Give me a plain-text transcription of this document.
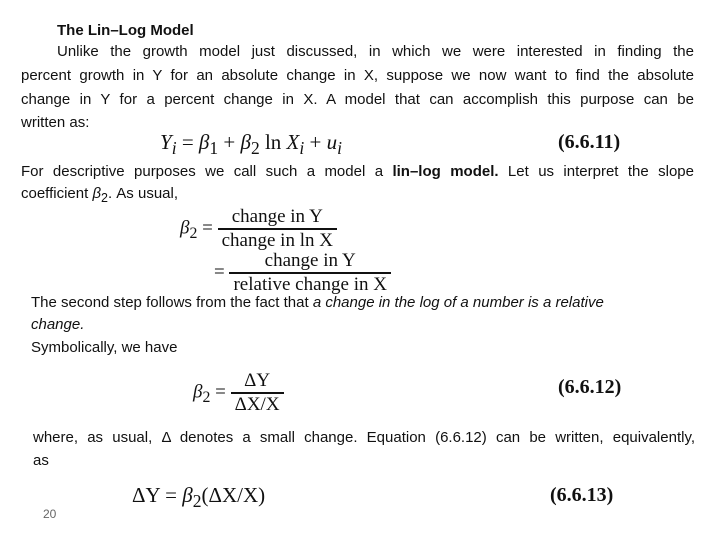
The Lin–Log Model
Unlike the growth model just discussed, in which we were interested in finding the
percent growth in Y for an absolute change in X, suppose we now want to find the absolute
change in Y for a percent change in X. A model that can accomplish this purpose can be
written as:
$Y_i = \beta_1 + \beta_2$ $\ln X_i + u_i$	(6.6.11)
For descriptive purposes we call such a model a lin–log model. Let us interpret the slope
coefficient $\beta_2$. As usual,
$\beta_2 = \frac{\text{change in Y}}{\text{change in ln X}}$
= $\frac{\text{change in Y}}{\text{relative change in X}}$
The second step follows from the fact that a change in the log of a number is a relative
change.
Symbolically, we have
$\beta_2 = \frac{\Delta Y}{\Delta X/X}$	(6.6.12)
where, as usual, Δ denotes a small change. Equation (6.6.12) can be written, equivalently,
as
$\Delta Y = \beta_2(\Delta X/X)$	(6.6.13)
20
